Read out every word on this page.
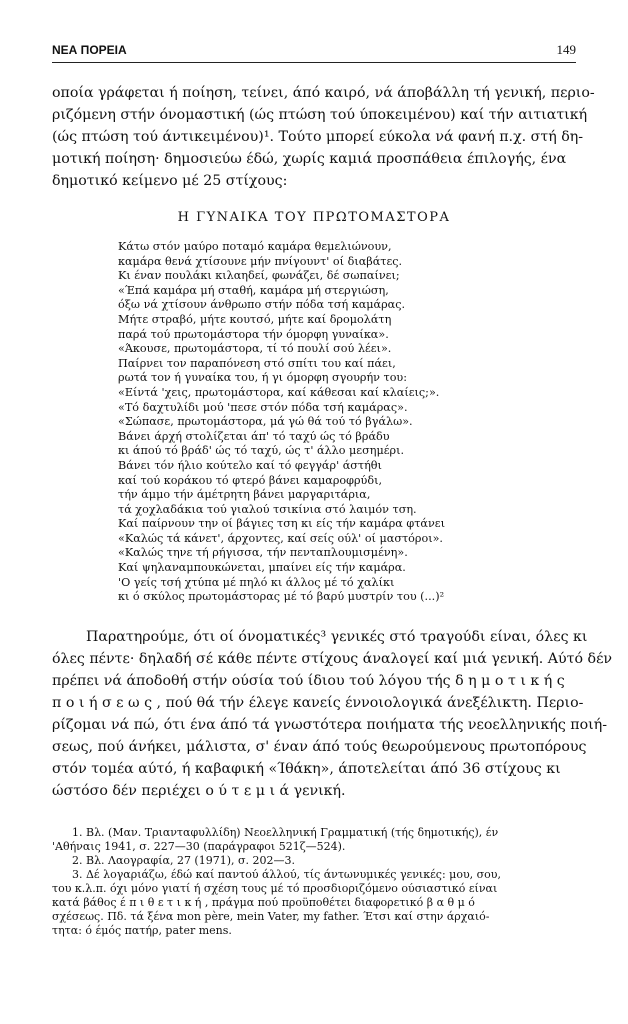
ΝΕΑ ΠΟΡΕΙΑ	149
οποία γράφεται ή ποίηση, τείνει, άπό καιρό, νά άποβάλλη τή γενική, περιο-
ριζόμενη στήν όνομαστική (ώς πτώση τού ύποκειμένου) καί τήν αιτιατική
(ώς πτώση τού άντικειμένου)¹. Τούτο μπορεί εύκολα νά φανή π.χ. στή δη-
μοτική ποίηση· δημοσιεύω έδώ, χωρίς καμιά προσπάθεια έπιλογής, ένα
δημοτικό κείμενο μέ 25 στίχους:
Η ΓΥΝΑΙΚΑ ΤΟΥ ΠΡΩΤΟΜΑΣΤΟΡΑ
Κάτω στόν μαύρο ποταμό καμάρα θεμελιώνουν,
καμάρα θενά χτίσουνε μήν πνίγουντ' οί διαβάτες.
Κι έναν πουλάκι κιλαηδεί, φωνάζει, δέ σωπαίνει;
«Έπά καμάρα μή σταθή, καμάρα μή στεργιώση,
όξω νά χτίσουν άνθρωπο στήν πόδα τσή καμάρας.
Μήτε στραβό, μήτε κουτσό, μήτε καί δρομολάτη
παρά τού πρωτομάστορα τήν όμορφη γυναίκα».
«Άκουσε, πρωτομάστορα, τί τό πουλί σού λέει».
Παίρνει τον παραπόνεση στό σπίτι του καί πάει,
ρωτά τον ή γυναίκα του, ή γι όμορφη σγουρήν του:
«Είντά 'χεις, πρωτομάστορα, καί κάθεσαι καί κλαίεις;».
«Τό δαχτυλίδι μού 'πεσε στόν πόδα τσή καμάρας».
«Σώπασε, πρωτομάστορα, μά γώ θά τού τό βγάλω».
Βάνει άρχή στολίζεται άπ' τό ταχύ ώς τό βράδυ
κι άπού τό βράδ' ώς τό ταχύ, ώς τ' άλλο μεσημέρι.
Βάνει τόν ήλιο κούτελο καί τό φεγγάρ' άστήθι
καί τού κοράκου τό φτερό βάνει καμαροφρύδι,
τήν άμμο τήν άμέτρητη βάνει μαργαριτάρια,
τά χοχλαδάκια τού γιαλού τσικίνια στό λαιμόν τση.
Καί παίρνουν την οί βάγιες τση κι είς τήν καμάρα φτάνει
«Καλώς τά κάνετ', άρχοντες, καί σείς ούλ' οί μαστόροι».
«Καλώς τηνε τή ρήγισσα, τήν πενταπλουμισμένη».
Καί ψηλαναμπουκώνεται, μπαίνει είς τήν καμάρα.
'Ο γείς τσή χτύπα μέ πηλό κι άλλος μέ τό χαλίκι
κι ό σκύλος πρωτομάστορας μέ τό βαρύ μυστρίν του (...)²
Παρατηρούμε, ότι οί όνοματικές³ γενικές στό τραγούδι είναι, όλες κι
όλες πέντε· δηλαδή σέ κάθε πέντε στίχους άναλογεί καί μιά γενική. Αύτό δέν
πρέπει νά άποδοθή στήν ούσία τού ίδιου τού λόγου τής δ η μ ο τ ι κ ή ς
π ο ι ή σ ε ω ς , πού θά τήν έλεγε κανείς έννοιολογικά άνεξέλικτη. Περιο-
ρίζομαι νά πώ, ότι ένα άπό τά γνωστότερα ποιήματα τής νεοελληνικής ποιή-
σεως, πού άνήκει, μάλιστα, σ' έναν άπό τούς θεωρούμενους πρωτοπόρους
στόν τομέα αύτό, ή καβαφική «Ίθάκη», άποτελείται άπό 36 στίχους κι
ώστόσο δέν περιέχει ο ύ τ ε μ ι ά γενική.
1. Βλ. (Μαν. Τριανταφυλλίδη) Νεοελληνική Γραμματική (τής δημοτικής), έν
'Αθήναις 1941, σ. 227—30 (παράγραφοι 521ζ—524).
2. Βλ. Λαογραφία, 27 (1971), σ. 202—3.
3. Δέ λογαριάζω, έδώ καί παντού άλλού, τίς άντωνυμικές γενικές: μου, σου,
του κ.λ.π. όχι μόνο γιατί ή σχέση τους μέ τό προσδιοριζόμενο ούσιαστικό είναι
κατά βάθος έ π ι θ ε τ ι κ ή , πράγμα πού προϋποθέτει διαφορετικό β α θ μ ό
σχέσεως. Πδ. τά ξένα mon père, mein Vater, my father. Έτσι καί στην άρχαιό-
τητα: ό έμός πατήρ, pater mens.
